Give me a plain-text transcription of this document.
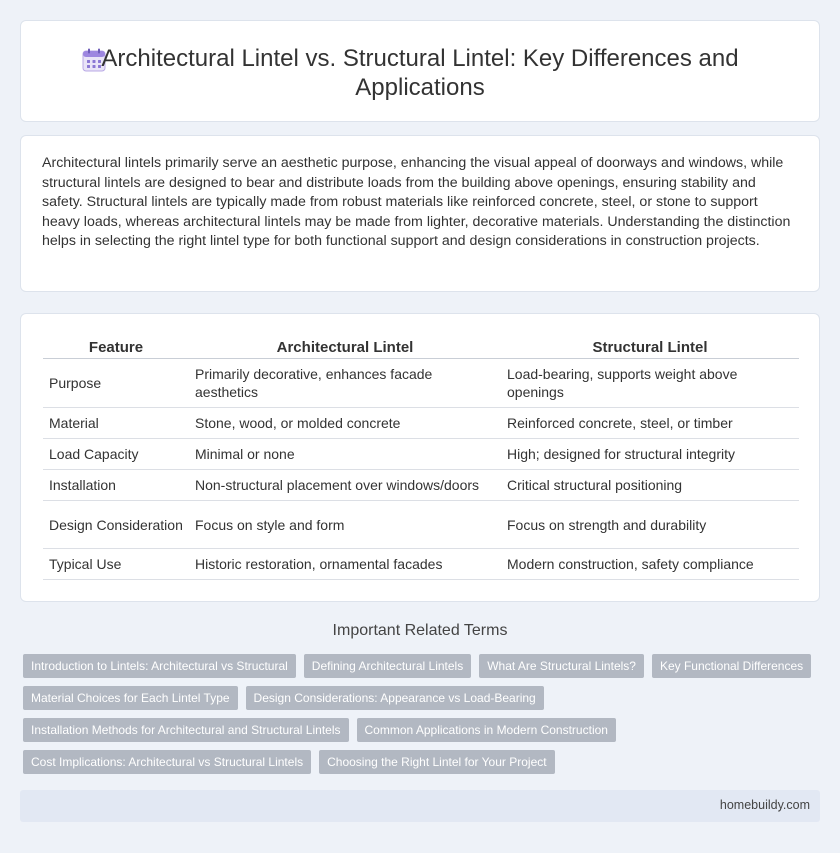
Architectural Lintel vs. Structural Lintel: Key Differences and Applications

Architectural lintels primarily serve an aesthetic purpose, enhancing the visual appeal of doorways and windows, while structural lintels are designed to bear and distribute loads from the building above openings, ensuring stability and safety. Structural lintels are typically made from robust materials like reinforced concrete, steel, or stone to support heavy loads, whereas architectural lintels may be made from lighter, decorative materials. Understanding the distinction helps in selecting the right lintel type for both functional support and design considerations in construction projects.

Feature	Architectural Lintel	Structural Lintel
Purpose	Primarily decorative, enhances facade aesthetics	Load-bearing, supports weight above openings
Material	Stone, wood, or molded concrete	Reinforced concrete, steel, or timber
Load Capacity	Minimal or none	High; designed for structural integrity
Installation	Non-structural placement over windows/doors	Critical structural positioning
Design Consideration	Focus on style and form	Focus on strength and durability
Typical Use	Historic restoration, ornamental facades	Modern construction, safety compliance
Important Related Terms
Introduction to Lintels: Architectural vs Structural	Defining Architectural Lintels	What Are Structural Lintels?	Key Functional Differences
Material Choices for Each Lintel Type	Design Considerations: Appearance vs Load-Bearing
Installation Methods for Architectural and Structural Lintels	Common Applications in Modern Construction
Cost Implications: Architectural vs Structural Lintels	Choosing the Right Lintel for Your Project
homebuildy.com
